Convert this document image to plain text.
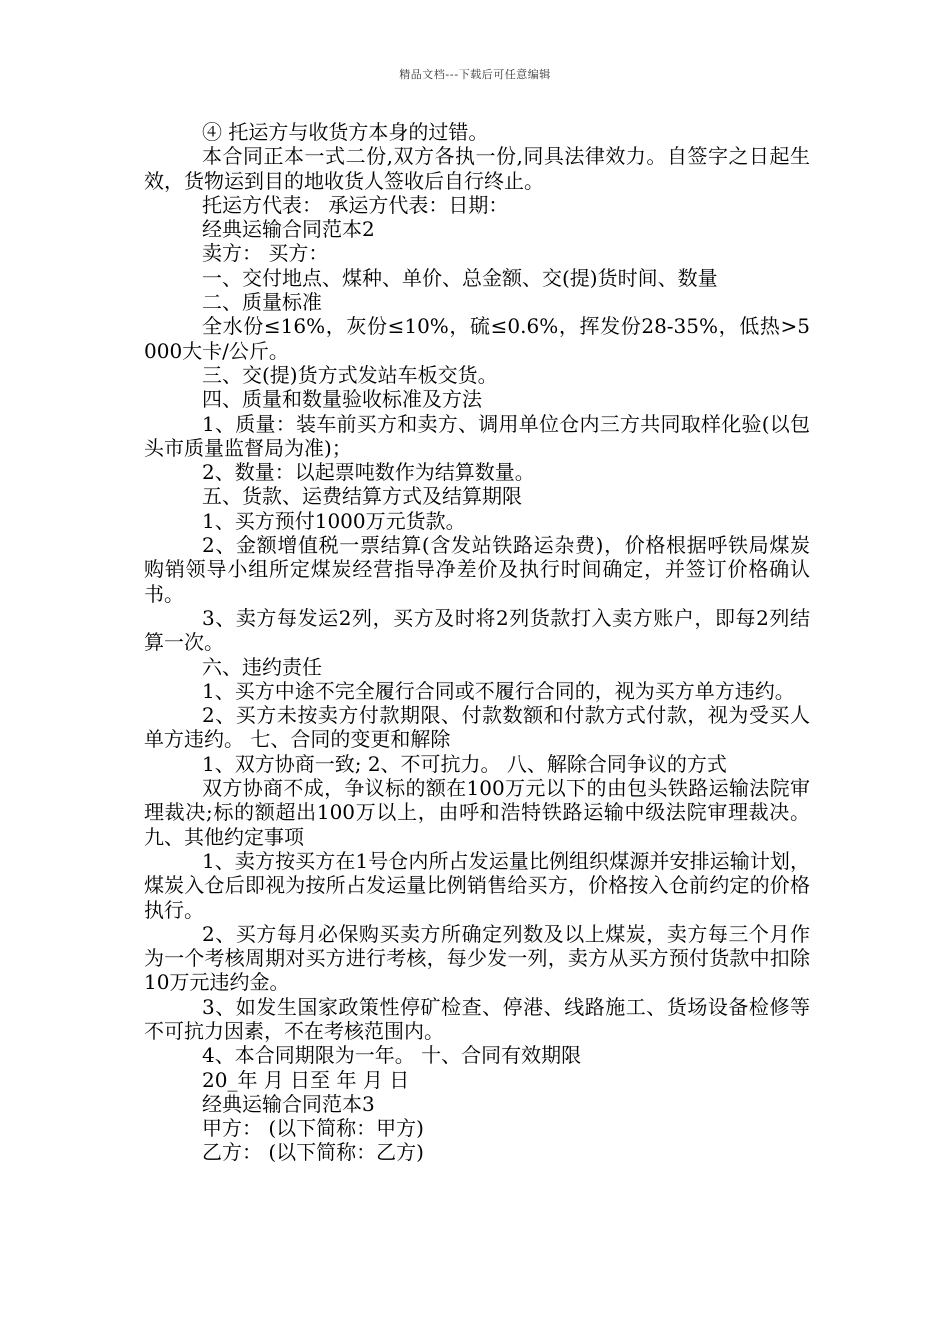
精品文档---下载后可任意编辑
④ 托运方与收货方本身的过错。
本合同正本一式二份,双方各执一份,同具法律效力。自签字之日起生效，货物运到目的地收货人签收后自行终止。
托运方代表： 承运方代表：日期：
经典运输合同范本2
卖方： 买方：
一、交付地点、煤种、单价、总金额、交(提)货时间、数量
二、质量标准
全水份≤16%，灰份≤10%，硫≤0.6%，挥发份28-35%，低热>5000大卡/公斤。
三、交(提)货方式发站车板交货。
四、质量和数量验收标准及方法
1、质量：装车前买方和卖方、调用单位仓内三方共同取样化验(以包头市质量监督局为准)；
2、数量：以起票吨数作为结算数量。
五、货款、运费结算方式及结算期限
1、买方预付1000万元货款。
2、金额增值税一票结算(含发站铁路运杂费)，价格根据呼铁局煤炭购销领导小组所定煤炭经营指导净差价及执行时间确定，并签订价格确认书。
3、卖方每发运2列，买方及时将2列货款打入卖方账户，即每2列结算一次。
六、违约责任
1、买方中途不完全履行合同或不履行合同的，视为买方单方违约。
2、买方未按卖方付款期限、付款数额和付款方式付款，视为受买人单方违约。 七、合同的变更和解除
1、双方协商一致; 2、不可抗力。 八、解除合同争议的方式
双方协商不成，争议标的额在100万元以下的由包头铁路运输法院审理裁决;标的额超出100万以上，由呼和浩特铁路运输中级法院审理裁决。九、其他约定事项
1、卖方按买方在1号仓内所占发运量比例组织煤源并安排运输计划，煤炭入仓后即视为按所占发运量比例销售给买方，价格按入仓前约定的价格执行。
2、买方每月必保购买卖方所确定列数及以上煤炭，卖方每三个月作为一个考核周期对买方进行考核，每少发一列，卖方从买方预付货款中扣除10万元违约金。
3、如发生国家政策性停矿检查、停港、线路施工、货场设备检修等不可抗力因素，不在考核范围内。
4、本合同期限为一年。 十、合同有效期限
20_年 月 日至 年 月 日
经典运输合同范本3
甲方： (以下简称：甲方)
乙方： (以下简称：乙方)
